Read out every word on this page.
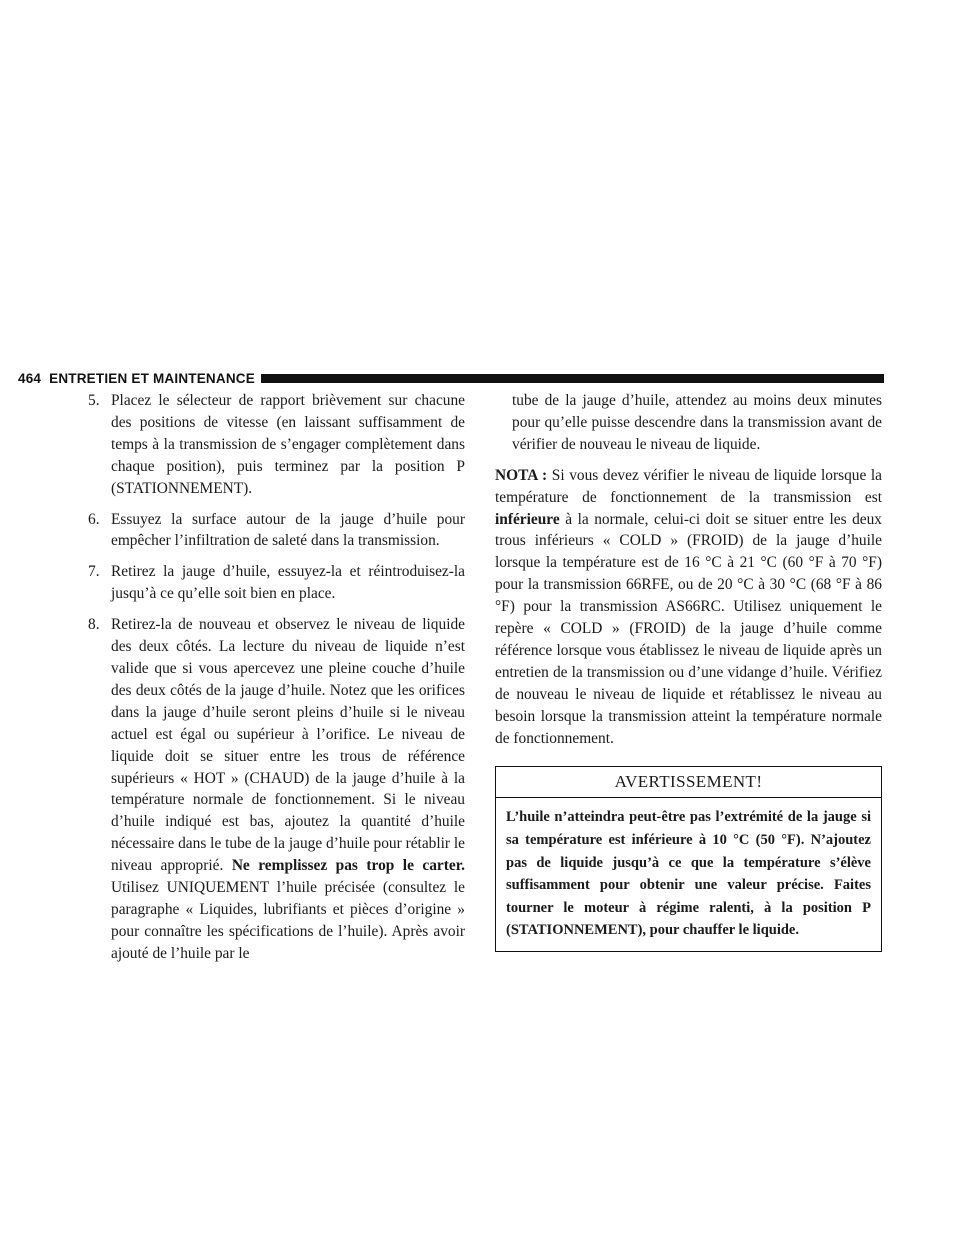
464 ENTRETIEN ET MAINTENANCE
5. Placez le sélecteur de rapport brièvement sur chacune des positions de vitesse (en laissant suffisamment de temps à la transmission de s’engager complètement dans chaque position), puis terminez par la position P (STATIONNEMENT).
6. Essuyez la surface autour de la jauge d’huile pour empêcher l’infiltration de saleté dans la transmission.
7. Retirez la jauge d’huile, essuyez-la et réintroduisez-la jusqu’à ce qu’elle soit bien en place.
8. Retirez-la de nouveau et observez le niveau de liquide des deux côtés. La lecture du niveau de liquide n’est valide que si vous apercevez une pleine couche d’huile des deux côtés de la jauge d’huile. Notez que les orifices dans la jauge d’huile seront pleins d’huile si le niveau actuel est égal ou supérieur à l’orifice. Le niveau de liquide doit se situer entre les trous de référence supérieurs « HOT » (CHAUD) de la jauge d’huile à la température normale de fonctionnement. Si le niveau d’huile indiqué est bas, ajoutez la quantité d’huile nécessaire dans le tube de la jauge d’huile pour rétablir le niveau approprié. Ne remplissez pas trop le carter. Utilisez UNIQUEMENT l’huile précisée (consultez le paragraphe « Liquides, lubrifiants et pièces d’origine » pour connaître les spécifications de l’huile). Après avoir ajouté de l’huile par le

tube de la jauge d’huile, attendez au moins deux minutes pour qu’elle puisse descendre dans la transmission avant de vérifier de nouveau le niveau de liquide.

NOTA : Si vous devez vérifier le niveau de liquide lorsque la température de fonctionnement de la transmission est inférieure à la normale, celui-ci doit se situer entre les deux trous inférieurs « COLD » (FROID) de la jauge d’huile lorsque la température est de 16 °C à 21 °C (60 °F à 70 °F) pour la transmission 66RFE, ou de 20 °C à 30 °C (68 °F à 86 °F) pour la transmission AS66RC. Utilisez uniquement le repère « COLD » (FROID) de la jauge d’huile comme référence lorsque vous établissez le niveau de liquide après un entretien de la transmission ou d’une vidange d’huile. Vérifiez de nouveau le niveau de liquide et rétablissez le niveau au besoin lorsque la transmission atteint la température normale de fonctionnement.

AVERTISSEMENT!
L’huile n’atteindra peut-être pas l’extrémité de la jauge si sa température est inférieure à 10 °C (50 °F). N’ajoutez pas de liquide jusqu’à ce que la température s’élève suffisamment pour obtenir une valeur précise. Faites tourner le moteur à régime ralenti, à la position P (STATIONNEMENT), pour chauffer le liquide.
